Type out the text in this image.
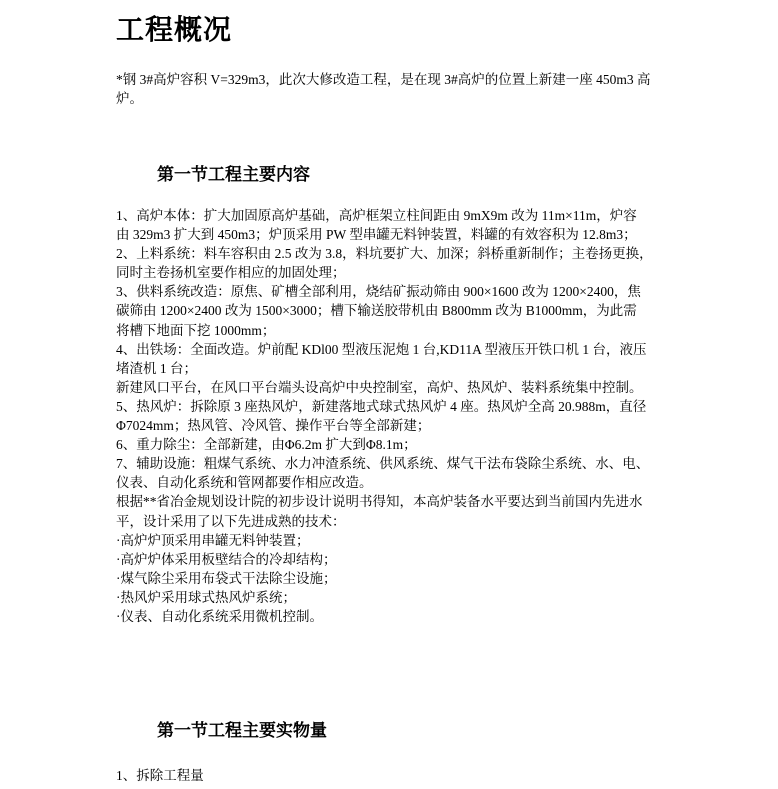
工程概况
*钢 3#高炉容积 V=329m3，此次大修改造工程，是在现 3#高炉的位置上新建一座 450m3 高
炉。
第一节工程主要内容
1、高炉本体：扩大加固原高炉基础，高炉框架立柱间距由 9mX9m 改为 11m×11m，炉容
由 329m3 扩大到 450m3；炉顶采用 PW 型串罐无料钟装置，料罐的有效容积为 12.8m3；
2、上料系统：料车容积由 2.5 改为 3.8，料坑要扩大、加深；斜桥重新制作；主卷扬更换，
同时主卷扬机室要作相应的加固处理；
3、供料系统改造：原焦、矿槽全部利用，烧结矿振动筛由 900×1600 改为 1200×2400，焦
碳筛由 1200×2400 改为 1500×3000；槽下输送胶带机由 B800mm 改为 B1000mm，为此需
将槽下地面下挖 1000mm；
4、出铁场：全面改造。炉前配 KDl00 型液压泥炮 1 台,KD11A 型液压开铁口机 1 台，液压
堵渣机 1 台；
新建风口平台，在风口平台端头设高炉中央控制室，高炉、热风炉、装料系统集中控制。
5、热风炉：拆除原 3 座热风炉，新建落地式球式热风炉 4 座。热风炉全高 20.988m，直径
Φ7024mm；热风管、冷风管、操作平台等全部新建；
6、重力除尘：全部新建，由Φ6.2m 扩大到Φ8.1m；
7、辅助设施：粗煤气系统、水力冲渣系统、供风系统、煤气干法布袋除尘系统、水、电、
仪表、自动化系统和管网都要作相应改造。
根据**省冶金规划设计院的初步设计说明书得知，本高炉装备水平要达到当前国内先进水
平，设计采用了以下先进成熟的技术：
·高炉炉顶采用串罐无料钟装置；
·高炉炉体采用板壁结合的冷却结构；
·煤气除尘采用布袋式干法除尘设施；
·热风炉采用球式热风炉系统；
·仪表、自动化系统采用微机控制。
第一节工程主要实物量
1、拆除工程量
